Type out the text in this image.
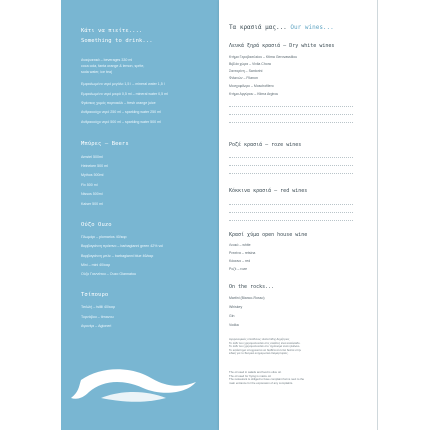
Κάτι να πιείτε....
Something to drink...
Αναψυκτικά – beverages 330 ml
coca cola, fanta orange & lemon, sprite,
soda water, ice tea)
Εμφιαλωμένο νερό μεγάλο 1,5 l – mineral water 1,5 l
Εμφιαλωμένο νερό μικρό 0,5 ml – mineral water 0,5 ml
Φρέσκος χυμός πορτοκάλι – fresh orange juice
Ανθρακούχο νερό 250 ml – sparkling water 250 ml
Ανθρακούχο νερό 500 ml – sparkling water 500 ml
Μπύρες – Beers
Amstel 500ml
Heineken 500 ml
Mythos 500ml
Fix 500 ml
Nissos 500ml
Kaiser 500 ml
Ούζο Ouzo
Πλωμάρι – plomarios 40/καρ
Βαρβαγιάννη πράσινο – barbagianni green 42% vol
Βαρβαγιάννη μπλε – barbagianni blue 46/καρ
Mini – mini 40/καρ
Ούζο Γιαννάτου – Ouzo Giannatou
Τσίπουρο
Τσιλιλή – tsilili 40/καρ
Τυρνάβου – tirnavou
Αγιονέρι – Agioneri
Τα κρασιά μας... Our wines...
Λευκά ξηρά κρασιά – Dry white wines
Κτήμα Γεροβασιλείου – Ktima Gerovassiliou
Βιβλία χώρα – Vivlia Chora
Σαντορίνη – Santorini
Φιλανών – Filanon
Μοσχοφίλερο – Moschofilero
Κτήμα Αργύρου – Ktima Argirou
Ροζέ κρασιά – roze wines
Κόκκινα κρασιά – red wines
Κρασί χύμα open house wine
Λευκό – white
Ρετσίνα – retsina
Κόκκινο – red
Ροζέ – roze
On the rocks...
Martini (Bianco-Rosso)
Whiskey
Gin
Vodka
Αγορανομικός υπεύθυνος: Διατοπίδης Δημήτριος
Το λάδι που χρησιμοποιείται στις σαλάτες είναι ελαιόλαδο.
Το λάδι που χρησιμοποιείται στο τηγάνισμα είναι ηλιέλαιο.
Το κατάστημα υποχρεούται να διαθέτει έντυπα δελτία στην
ειδική για το θεσμικό ενημερωτικό διαμαρτυρίας.
The oil used in salads and food is olive oil.
The oil used for frying is maize oil.
The restaurant is obliged to have complaint forms next to the
main entrance for the expression of any complaints.
